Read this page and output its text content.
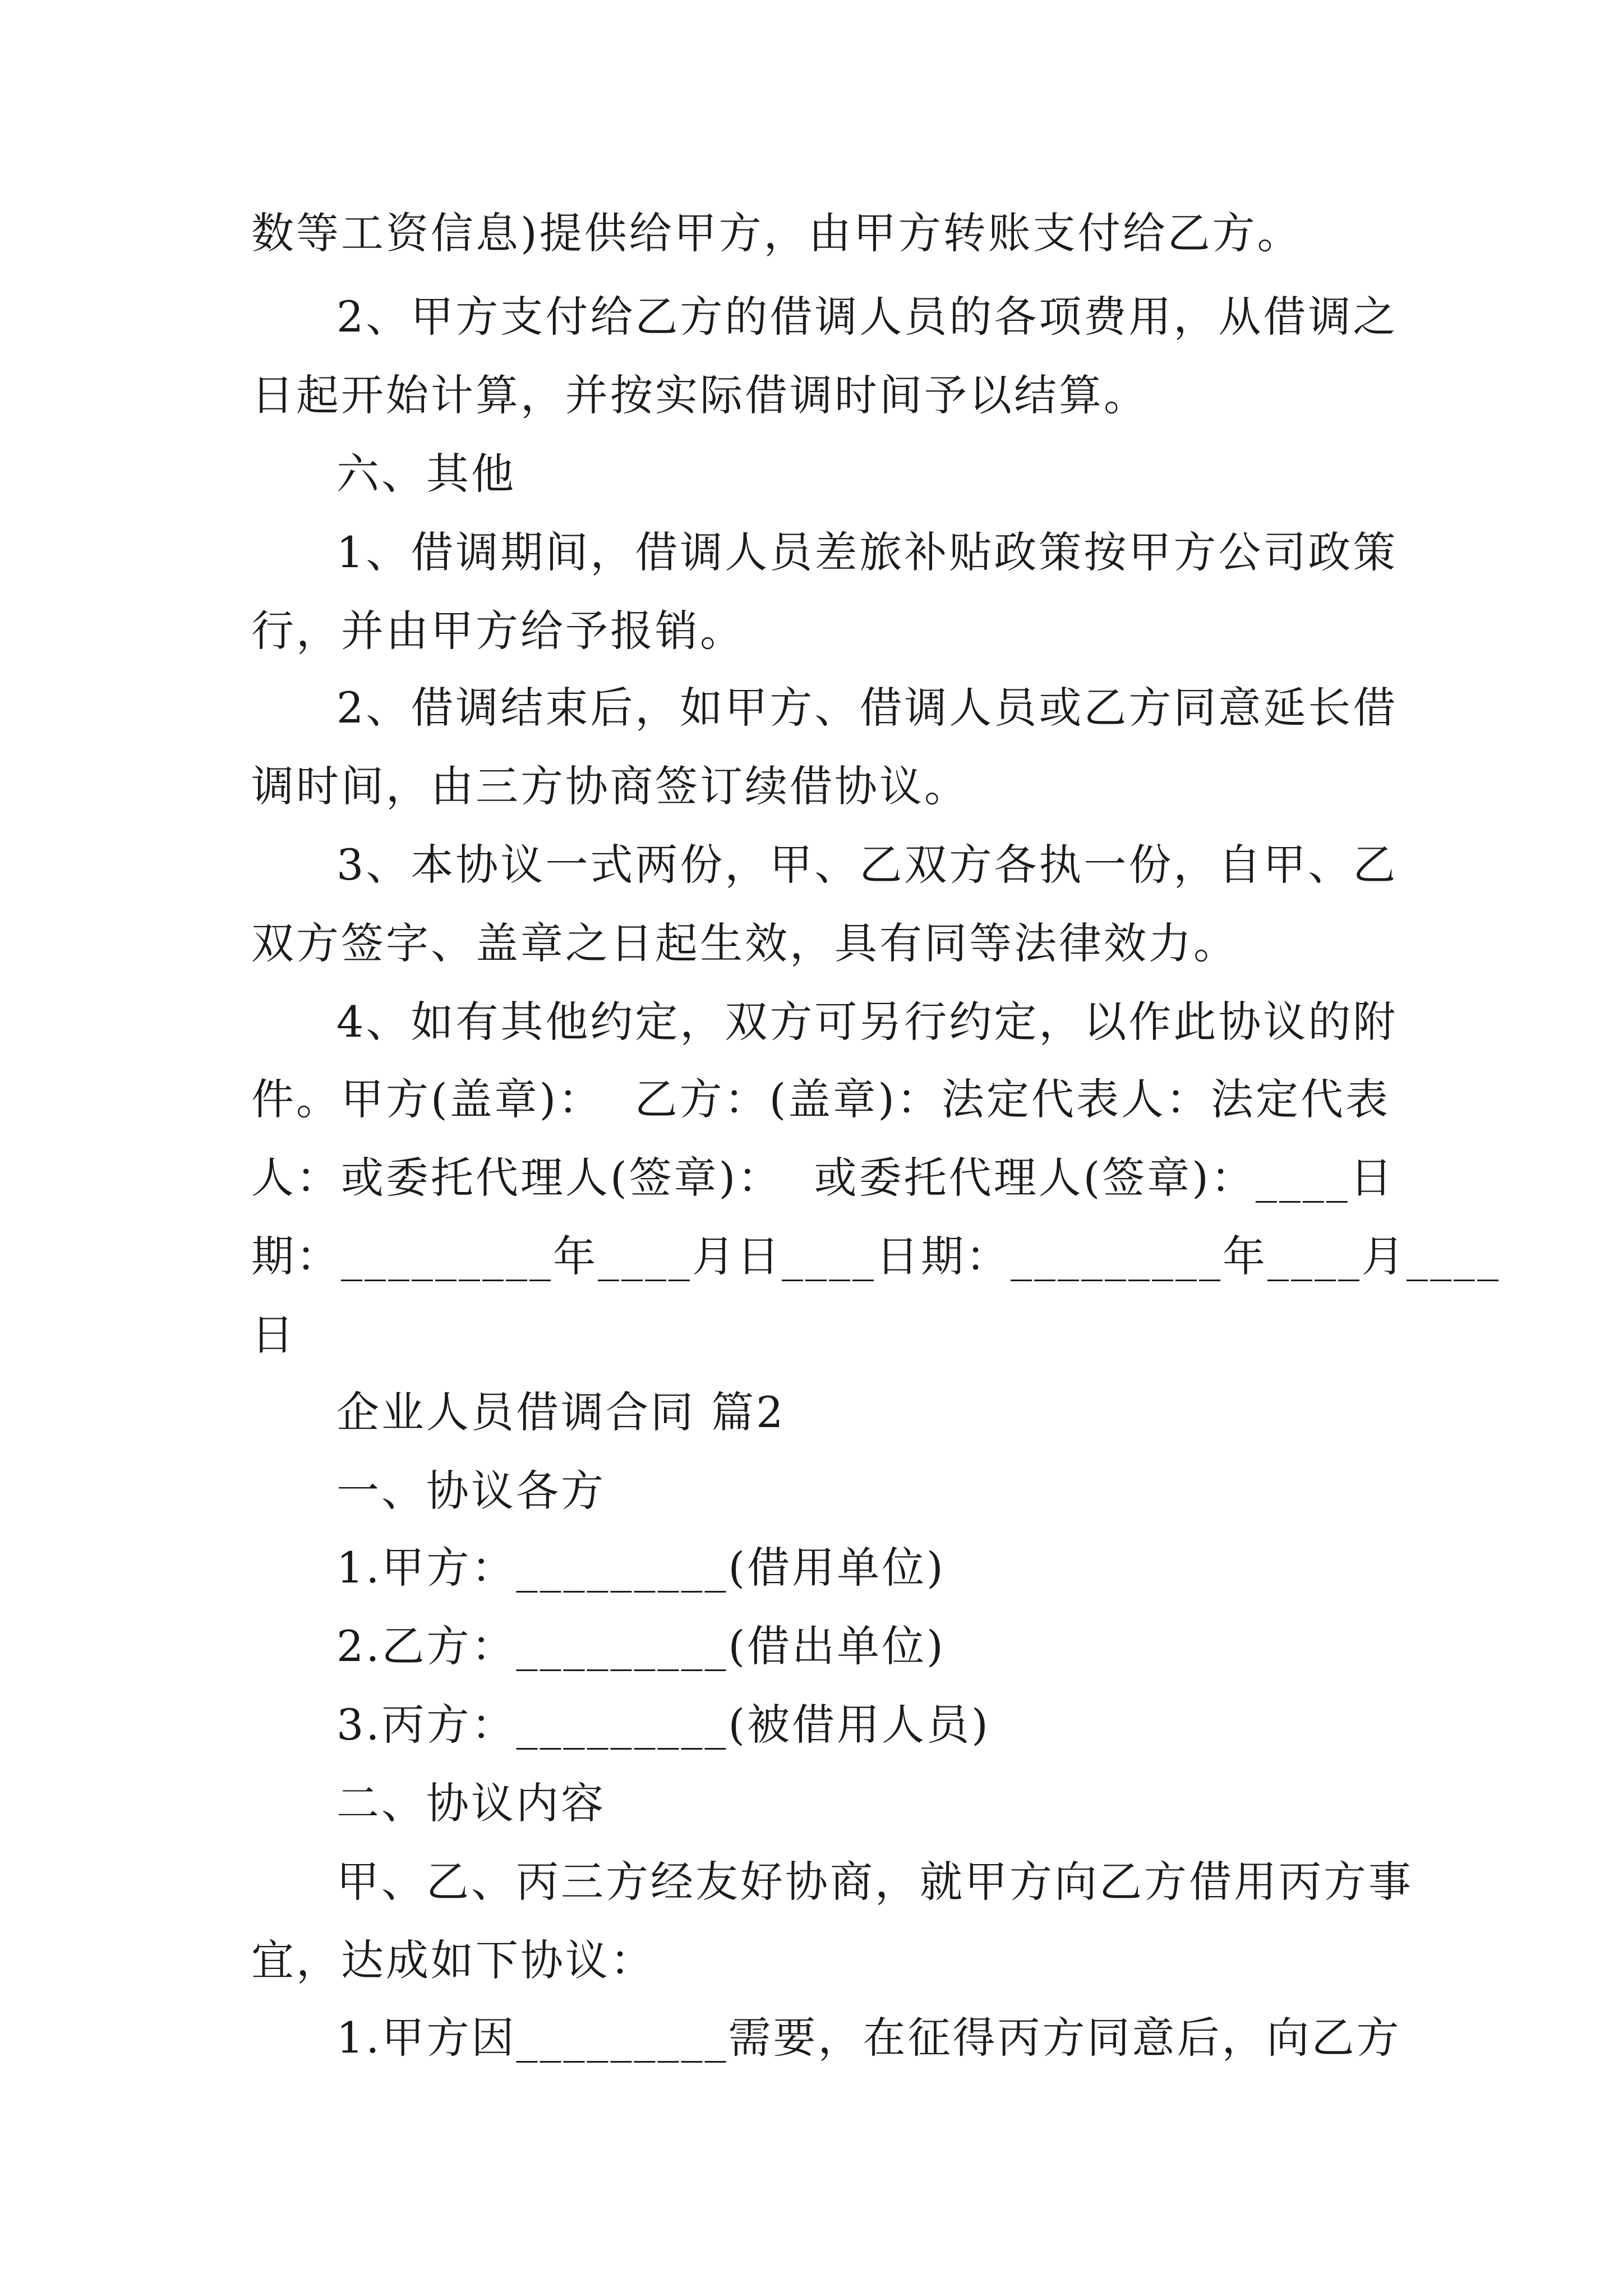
数等工资信息)提供给甲方，由甲方转账支付给乙方。
2、甲方支付给乙方的借调人员的各项费用，从借调之
日起开始计算，并按实际借调时间予以结算。
六、其他
1、借调期间，借调人员差旅补贴政策按甲方公司政策
行，并由甲方给予报销。
2、借调结束后，如甲方、借调人员或乙方同意延长借
调时间，由三方协商签订续借协议。
3、本协议一式两份，甲、乙双方各执一份，自甲、乙
双方签字、盖章之日起生效，具有同等法律效力。
4、如有其他约定，双方可另行约定，以作此协议的附
件。甲方(盖章)：  乙方：(盖章)：法定代表人：法定代表
人：或委托代理人(签章)：  或委托代理人(签章)：____日
期：_________年____月日____日期：_________年____月____
日
企业人员借调合同 篇2
一、协议各方
1.甲方：_________(借用单位)
2.乙方：_________(借出单位)
3.丙方：_________(被借用人员)
二、协议内容
甲、乙、丙三方经友好协商，就甲方向乙方借用丙方事
宜，达成如下协议：
1.甲方因_________需要，在征得丙方同意后，向乙方
